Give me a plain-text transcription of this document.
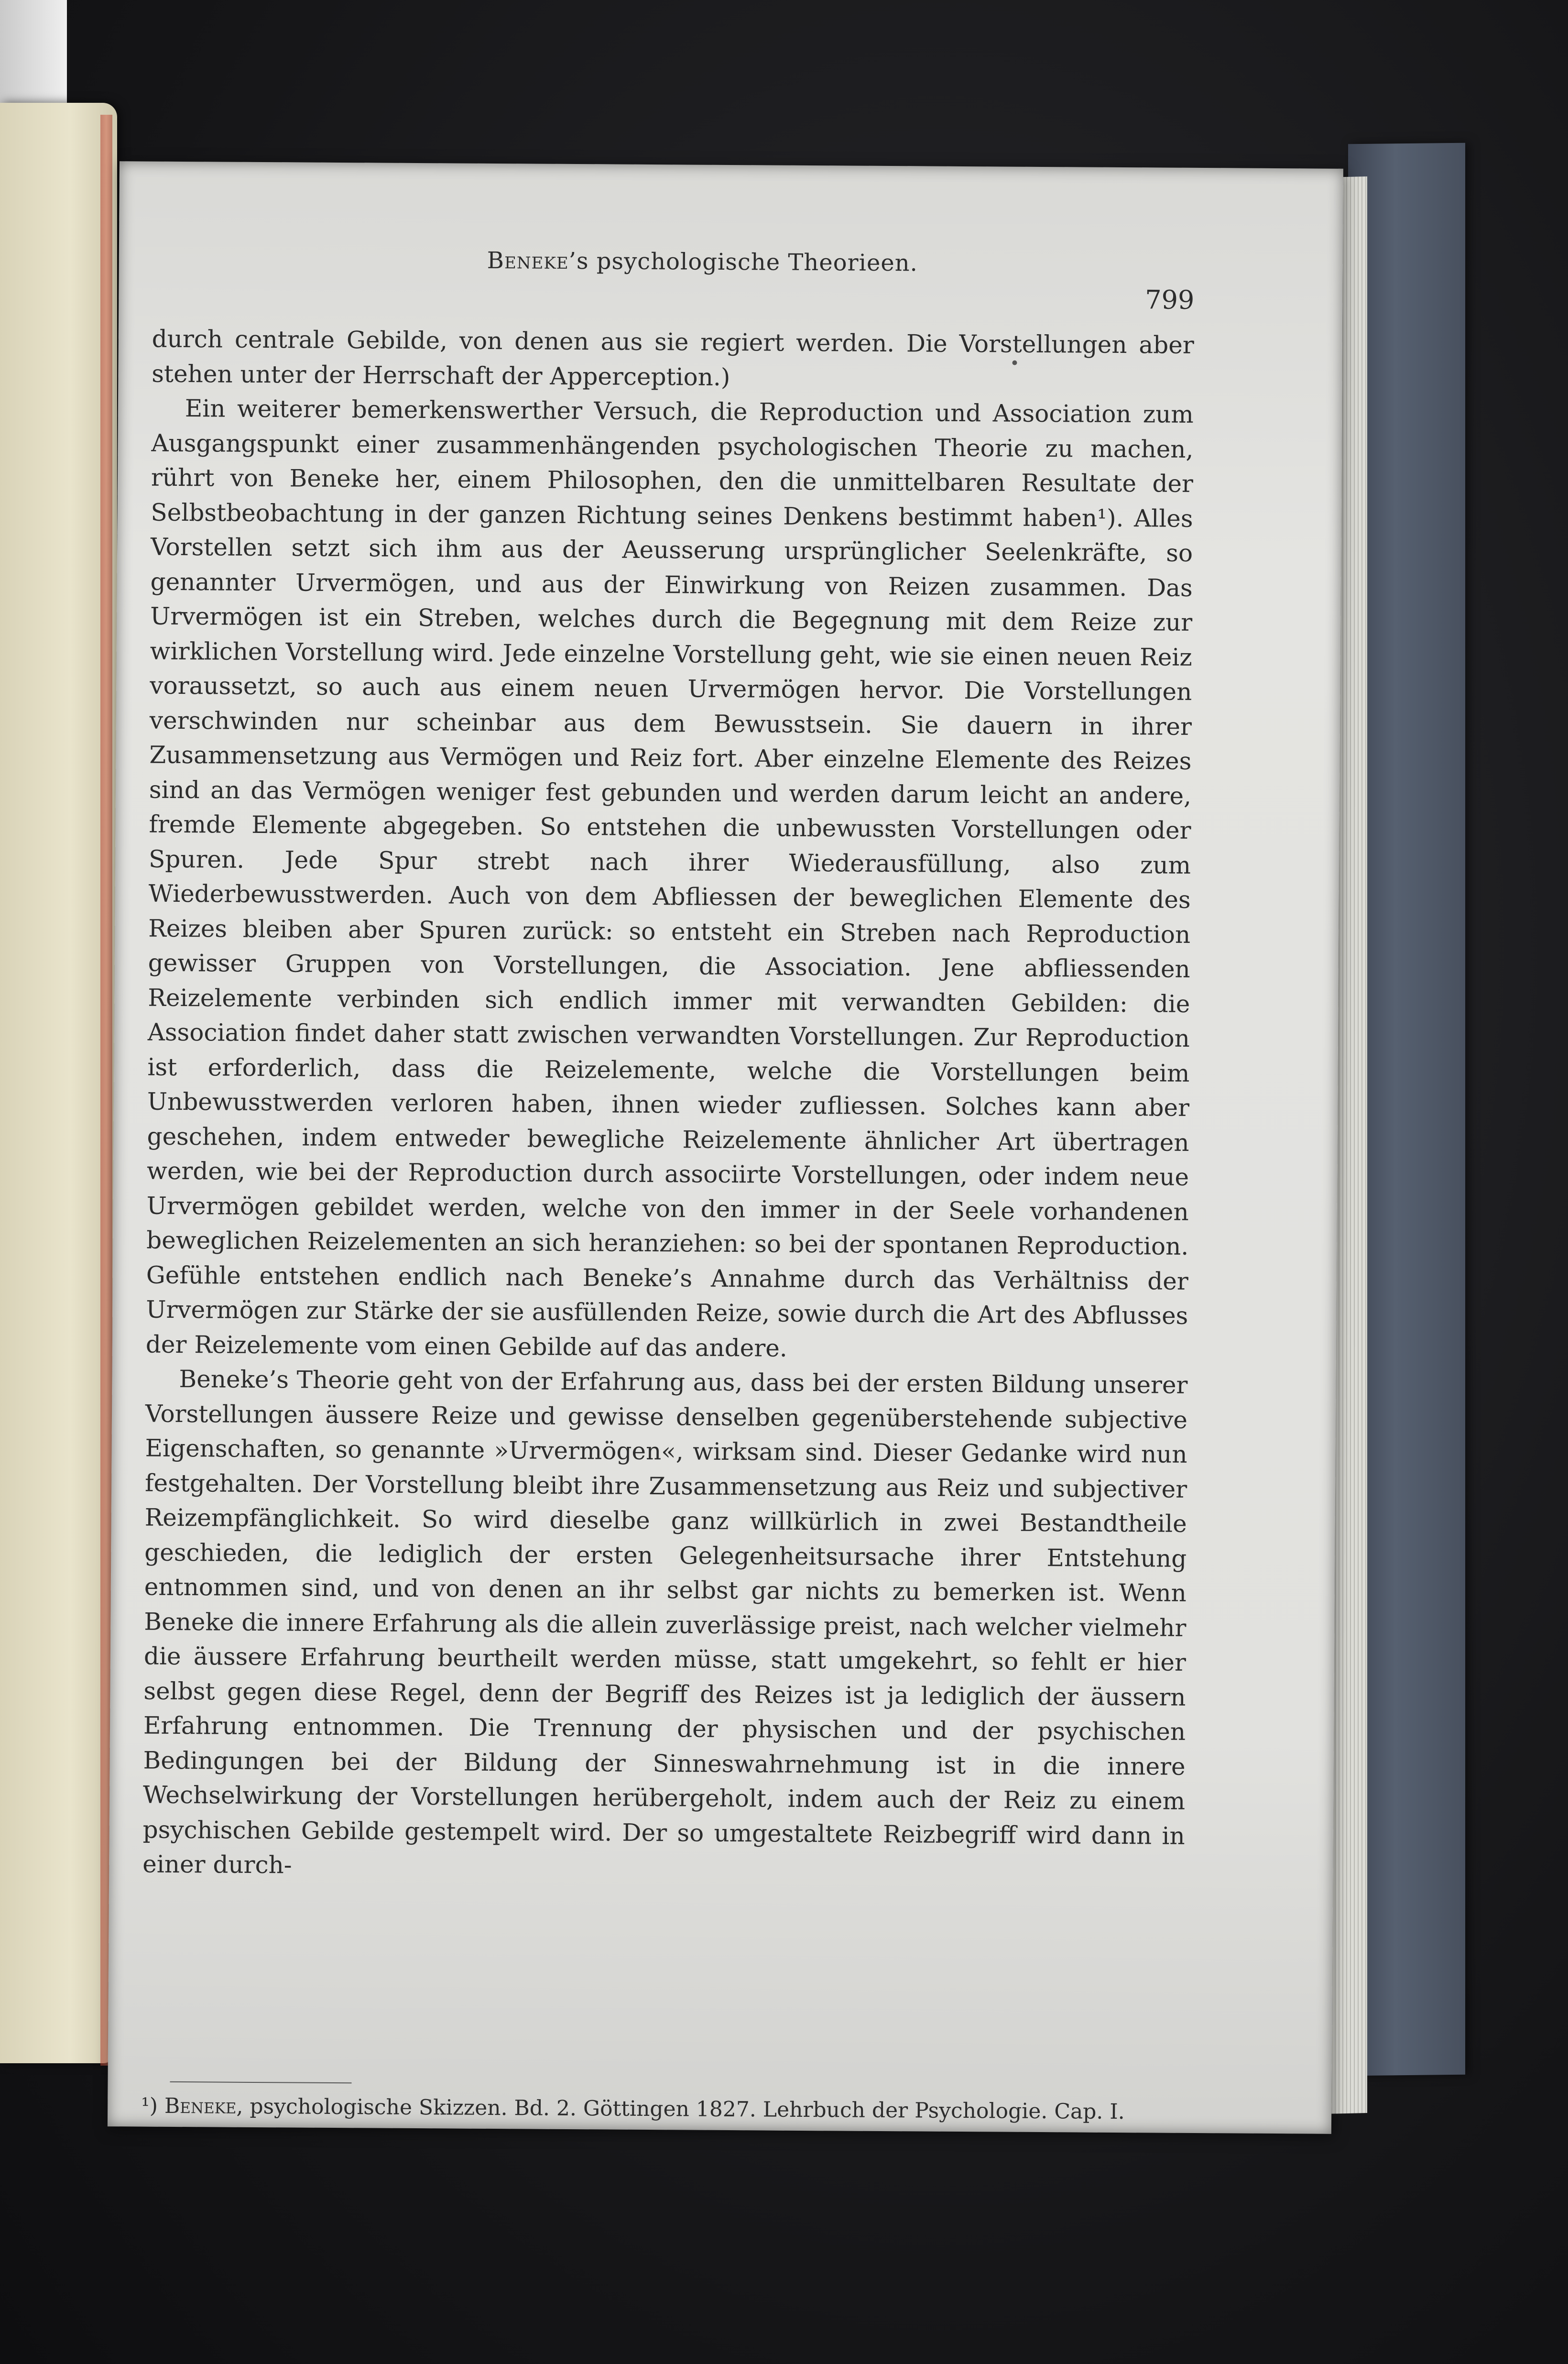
Beneke’s psychologische Theorieen.
799

durch centrale Gebilde, von denen aus sie regiert werden. Die Vorstellungen aber stehen unter der Herrschaft der Apperception.)

Ein weiterer bemerkenswerther Versuch, die Reproduction und Association zum Ausgangspunkt einer zusammenhängenden psychologischen Theorie zu machen, rührt von Beneke her, einem Philosophen, den die unmittelbaren Resultate der Selbstbeobachtung in der ganzen Richtung seines Denkens bestimmt haben¹). Alles Vorstellen setzt sich ihm aus der Aeusserung ursprünglicher Seelenkräfte, so genannter Urvermögen, und aus der Einwirkung von Reizen zusammen. Das Urvermögen ist ein Streben, welches durch die Begegnung mit dem Reize zur wirklichen Vorstellung wird. Jede einzelne Vorstellung geht, wie sie einen neuen Reiz voraussetzt, so auch aus einem neuen Urvermögen hervor. Die Vorstellungen verschwinden nur scheinbar aus dem Bewusstsein. Sie dauern in ihrer Zusammensetzung aus Vermögen und Reiz fort. Aber einzelne Elemente des Reizes sind an das Vermögen weniger fest gebunden und werden darum leicht an andere, fremde Elemente abgegeben. So entstehen die unbewussten Vorstellungen oder Spuren. Jede Spur strebt nach ihrer Wiederausfüllung, also zum Wiederbewusstwerden. Auch von dem Abfliessen der beweglichen Elemente des Reizes bleiben aber Spuren zurück: so entsteht ein Streben nach Reproduction gewisser Gruppen von Vorstellungen, die Association. Jene abfliessenden Reizelemente verbinden sich endlich immer mit verwandten Gebilden: die Association findet daher statt zwischen verwandten Vorstellungen. Zur Reproduction ist erforderlich, dass die Reizelemente, welche die Vorstellungen beim Unbewusstwerden verloren haben, ihnen wieder zufliessen. Solches kann aber geschehen, indem entweder bewegliche Reizelemente ähnlicher Art übertragen werden, wie bei der Reproduction durch associirte Vorstellungen, oder indem neue Urvermögen gebildet werden, welche von den immer in der Seele vorhandenen beweglichen Reizelementen an sich heranziehen: so bei der spontanen Reproduction. Gefühle entstehen endlich nach Beneke’s Annahme durch das Verhältniss der Urvermögen zur Stärke der sie ausfüllenden Reize, sowie durch die Art des Abflusses der Reizelemente vom einen Gebilde auf das andere.

Beneke’s Theorie geht von der Erfahrung aus, dass bei der ersten Bildung unserer Vorstellungen äussere Reize und gewisse denselben gegenüberstehende subjective Eigenschaften, so genannte »Urvermögen«, wirksam sind. Dieser Gedanke wird nun festgehalten. Der Vorstellung bleibt ihre Zusammensetzung aus Reiz und subjectiver Reizempfänglichkeit. So wird dieselbe ganz willkürlich in zwei Bestandtheile geschieden, die lediglich der ersten Gelegenheitsursache ihrer Entstehung entnommen sind, und von denen an ihr selbst gar nichts zu bemerken ist. Wenn Beneke die innere Erfahrung als die allein zuverlässige preist, nach welcher vielmehr die äussere Erfahrung beurtheilt werden müsse, statt umgekehrt, so fehlt er hier selbst gegen diese Regel, denn der Begriff des Reizes ist ja lediglich der äussern Erfahrung entnommen. Die Trennung der physischen und der psychischen Bedingungen bei der Bildung der Sinneswahrnehmung ist in die innere Wechselwirkung der Vorstellungen herübergeholt, indem auch der Reiz zu einem psychischen Gebilde gestempelt wird. Der so umgestaltete Reizbegriff wird dann in einer durch-

¹) Beneke, psychologische Skizzen. Bd. 2. Göttingen 1827. Lehrbuch der Psychologie. Cap. I.
